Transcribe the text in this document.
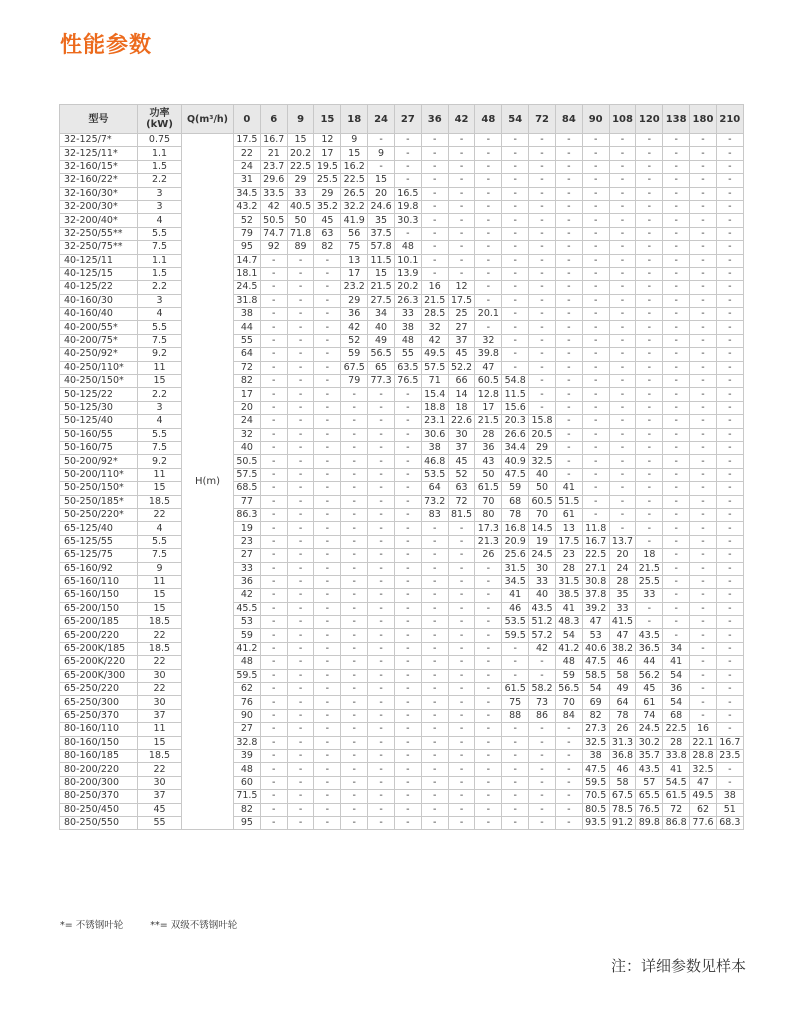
性能参数
型号	功率 (kW)	Q(m³/h)	0	6	9	15	18	24	27	36	42	48	54	72	84	90	108	120	138	180	210
32-125/7*	0.75	H(m)	17.5	16.7	15	12	9	-	-	-	-	-	-	-	-	-	-	-	-	-	-
32-125/11*	1.1		22	21	20.2	17	15	9	-	-	-	-	-	-	-	-	-	-	-	-	-
32-160/15*	1.5		24	23.7	22.5	19.5	16.2	-	-	-	-	-	-	-	-	-	-	-	-	-	-
32-160/22*	2.2		31	29.6	29	25.5	22.5	15	-	-	-	-	-	-	-	-	-	-	-	-	-
32-160/30*	3		34.5	33.5	33	29	26.5	20	16.5	-	-	-	-	-	-	-	-	-	-	-	-
32-200/30*	3		43.2	42	40.5	35.2	32.2	24.6	19.8	-	-	-	-	-	-	-	-	-	-	-	-
32-200/40*	4		52	50.5	50	45	41.9	35	30.3	-	-	-	-	-	-	-	-	-	-	-	-
32-250/55**	5.5		79	74.7	71.8	63	56	37.5	-	-	-	-	-	-	-	-	-	-	-	-	-
32-250/75**	7.5		95	92	89	82	75	57.8	48	-	-	-	-	-	-	-	-	-	-	-	-
40-125/11	1.1		14.7	-	-	-	13	11.5	10.1	-	-	-	-	-	-	-	-	-	-	-	-
40-125/15	1.5		18.1	-	-	-	17	15	13.9	-	-	-	-	-	-	-	-	-	-	-	-
40-125/22	2.2		24.5	-	-	-	23.2	21.5	20.2	16	12	-	-	-	-	-	-	-	-	-	-
40-160/30	3		31.8	-	-	-	29	27.5	26.3	21.5	17.5	-	-	-	-	-	-	-	-	-	-
40-160/40	4		38	-	-	-	36	34	33	28.5	25	20.1	-	-	-	-	-	-	-	-	-
40-200/55*	5.5		44	-	-	-	42	40	38	32	27	-	-	-	-	-	-	-	-	-	-
40-200/75*	7.5		55	-	-	-	52	49	48	42	37	32	-	-	-	-	-	-	-	-	-
40-250/92*	9.2		64	-	-	-	59	56.5	55	49.5	45	39.8	-	-	-	-	-	-	-	-	-
40-250/110*	11		72	-	-	-	67.5	65	63.5	57.5	52.2	47	-	-	-	-	-	-	-	-	-
40-250/150*	15		82	-	-	-	79	77.3	76.5	71	66	60.5	54.8	-	-	-	-	-	-	-	-
50-125/22	2.2		17	-	-	-	-	-	-	15.4	14	12.8	11.5	-	-	-	-	-	-	-	-
50-125/30	3		20	-	-	-	-	-	-	18.8	18	17	15.6	-	-	-	-	-	-	-	-
50-125/40	4		24	-	-	-	-	-	-	23.1	22.6	21.5	20.3	15.8	-	-	-	-	-	-	-
50-160/55	5.5		32	-	-	-	-	-	-	30.6	30	28	26.6	20.5	-	-	-	-	-	-	-
50-160/75	7.5		40	-	-	-	-	-	-	38	37	36	34.4	29	-	-	-	-	-	-	-
50-200/92*	9.2		50.5	-	-	-	-	-	-	46.8	45	43	40.9	32.5	-	-	-	-	-	-	-
50-200/110*	11		57.5	-	-	-	-	-	-	53.5	52	50	47.5	40	-	-	-	-	-	-	-
50-250/150*	15		68.5	-	-	-	-	-	-	64	63	61.5	59	50	41	-	-	-	-	-	-
50-250/185*	18.5		77	-	-	-	-	-	-	73.2	72	70	68	60.5	51.5	-	-	-	-	-	-
50-250/220*	22		86.3	-	-	-	-	-	-	83	81.5	80	78	70	61	-	-	-	-	-	-
65-125/40	4		19	-	-	-	-	-	-	-	-	17.3	16.8	14.5	13	11.8	-	-	-	-	-
65-125/55	5.5		23	-	-	-	-	-	-	-	-	21.3	20.9	19	17.5	16.7	13.7	-	-	-	-
65-125/75	7.5		27	-	-	-	-	-	-	-	-	26	25.6	24.5	23	22.5	20	18	-	-	-
65-160/92	9		33	-	-	-	-	-	-	-	-	-	31.5	30	28	27.1	24	21.5	-	-	-
65-160/110	11		36	-	-	-	-	-	-	-	-	-	34.5	33	31.5	30.8	28	25.5	-	-	-
65-160/150	15		42	-	-	-	-	-	-	-	-	-	41	40	38.5	37.8	35	33	-	-	-
65-200/150	15		45.5	-	-	-	-	-	-	-	-	-	46	43.5	41	39.2	33	-	-	-	-
65-200/185	18.5		53	-	-	-	-	-	-	-	-	-	53.5	51.2	48.3	47	41.5	-	-	-	-
65-200/220	22		59	-	-	-	-	-	-	-	-	-	59.5	57.2	54	53	47	43.5	-	-	-
65-200K/185	18.5		41.2	-	-	-	-	-	-	-	-	-	-	42	41.2	40.6	38.2	36.5	34	-	-
65-200K/220	22		48	-	-	-	-	-	-	-	-	-	-	-	48	47.5	46	44	41	-	-
65-200K/300	30		59.5	-	-	-	-	-	-	-	-	-	-	-	59	58.5	58	56.2	54	-	-
65-250/220	22		62	-	-	-	-	-	-	-	-	-	61.5	58.2	56.5	54	49	45	36	-	-
65-250/300	30		76	-	-	-	-	-	-	-	-	-	75	73	70	69	64	61	54	-	-
65-250/370	37		90	-	-	-	-	-	-	-	-	-	88	86	84	82	78	74	68	-	-
80-160/110	11		27	-	-	-	-	-	-	-	-	-	-	-	-	27.3	26	24.5	22.5	16	-
80-160/150	15		32.8	-	-	-	-	-	-	-	-	-	-	-	-	32.5	31.3	30.2	28	22.1	16.7
80-160/185	18.5		39	-	-	-	-	-	-	-	-	-	-	-	-	38	36.8	35.7	33.8	28.8	23.5
80-200/220	22		48	-	-	-	-	-	-	-	-	-	-	-	-	47.5	46	43.5	41	32.5	-
80-200/300	30		60	-	-	-	-	-	-	-	-	-	-	-	-	59.5	58	57	54.5	47	-
80-250/370	37		71.5	-	-	-	-	-	-	-	-	-	-	-	-	70.5	67.5	65.5	61.5	49.5	38
80-250/450	45		82	-	-	-	-	-	-	-	-	-	-	-	-	80.5	78.5	76.5	72	62	51
80-250/550	55		95	-	-	-	-	-	-	-	-	-	-	-	-	93.5	91.2	89.8	86.8	77.6	68.3
*= 不锈钢叶轮	**= 双级不锈钢叶轮
注：详细参数见样本
